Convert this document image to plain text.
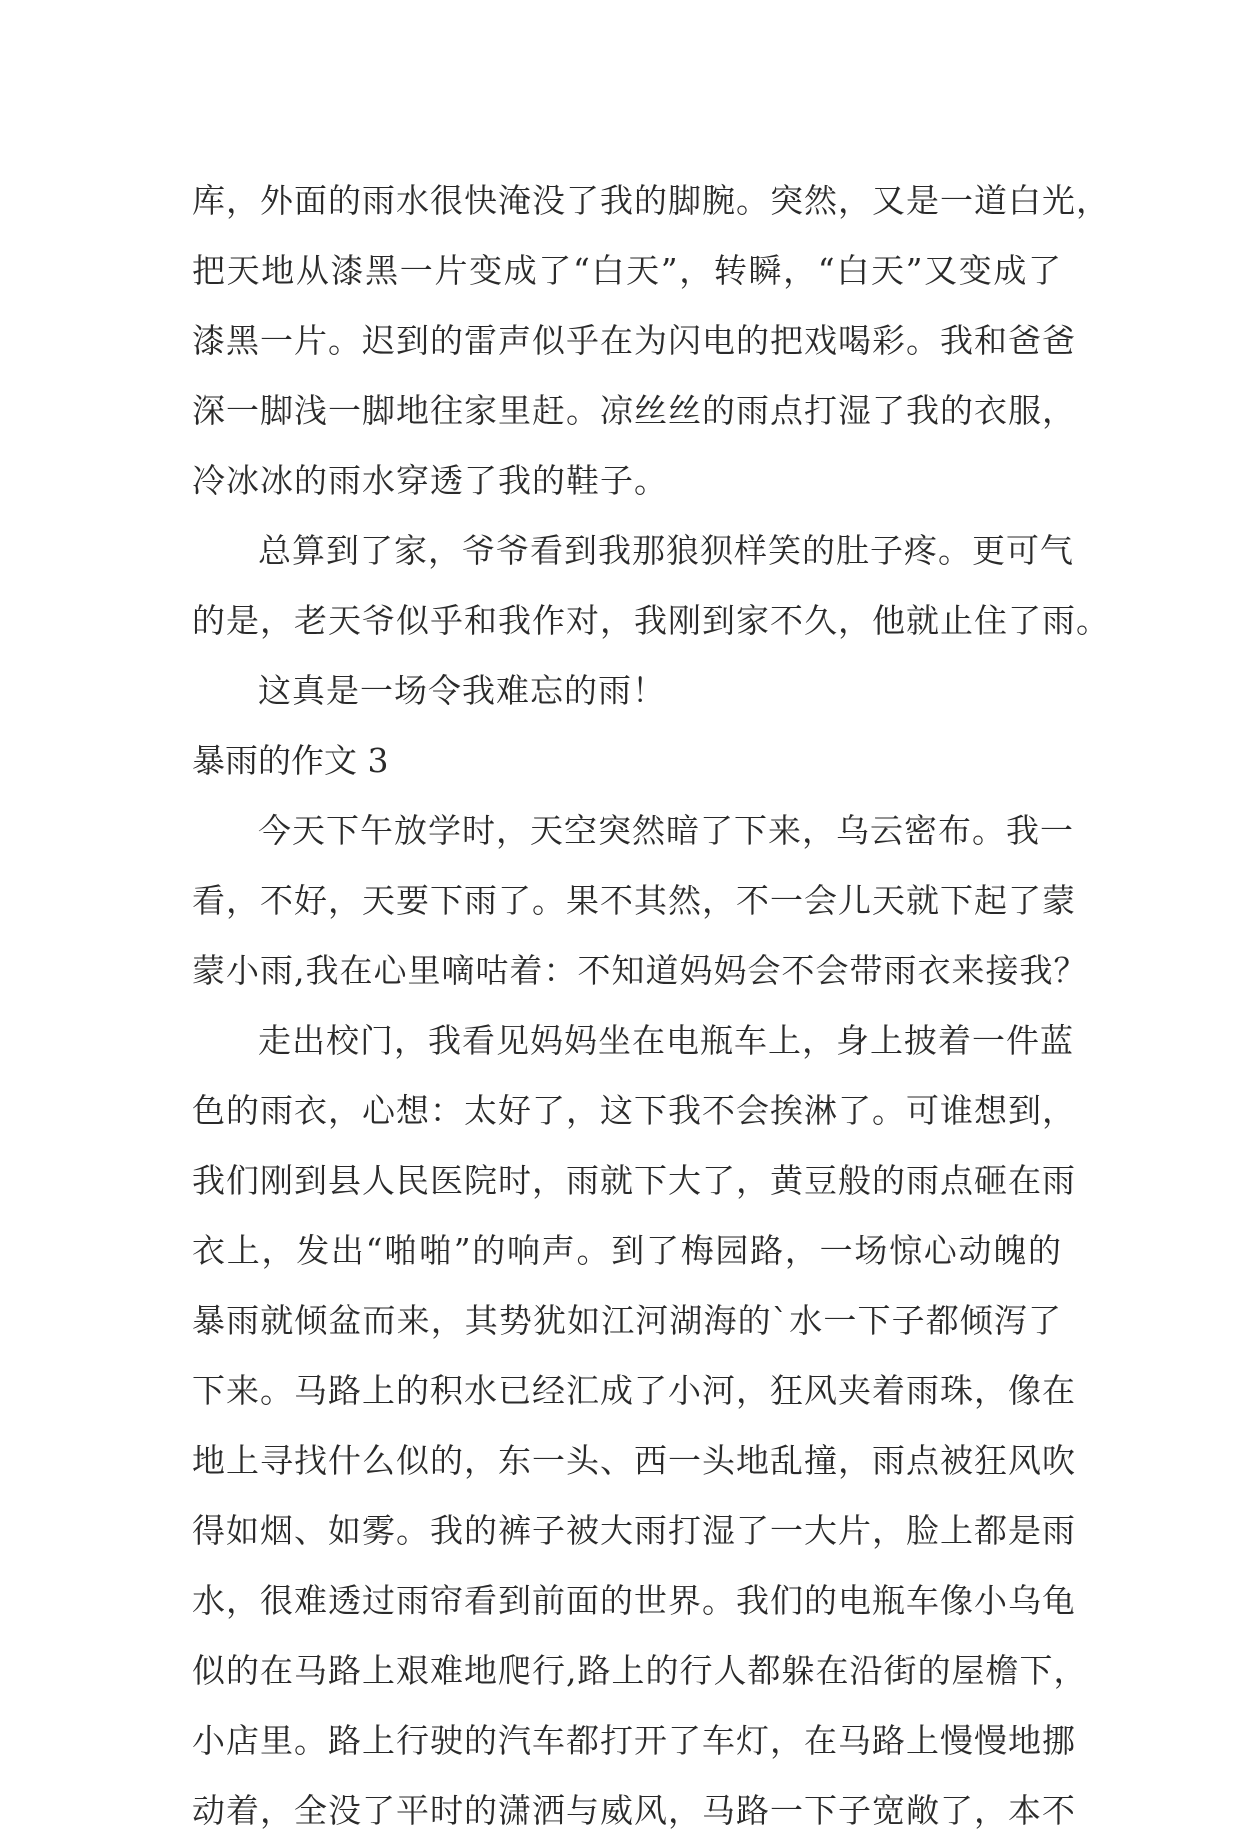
库，外面的雨水很快淹没了我的脚腕。突然，又是一道白光，
把天地从漆黑一片变成了“白天”，转瞬，“白天”又变成了
漆黑一片。迟到的雷声似乎在为闪电的把戏喝彩。我和爸爸
深一脚浅一脚地往家里赶。凉丝丝的雨点打湿了我的衣服，
冷冰冰的雨水穿透了我的鞋子。
总算到了家，爷爷看到我那狼狈样笑的肚子疼。更可气
的是，老天爷似乎和我作对，我刚到家不久，他就止住了雨。
这真是一场令我难忘的雨！
暴雨的作文 3
今天下午放学时，天空突然暗了下来，乌云密布。我一
看，不好，天要下雨了。果不其然，不一会儿天就下起了蒙
蒙小雨,我在心里嘀咕着：不知道妈妈会不会带雨衣来接我？
走出校门，我看见妈妈坐在电瓶车上，身上披着一件蓝
色的雨衣，心想：太好了，这下我不会挨淋了。可谁想到，
我们刚到县人民医院时，雨就下大了，黄豆般的雨点砸在雨
衣上，发出“啪啪”的响声。到了梅园路，一场惊心动魄的
暴雨就倾盆而来，其势犹如江河湖海的`水一下子都倾泻了
下来。马路上的积水已经汇成了小河，狂风夹着雨珠，像在
地上寻找什么似的，东一头、西一头地乱撞，雨点被狂风吹
得如烟、如雾。我的裤子被大雨打湿了一大片，脸上都是雨
水，很难透过雨帘看到前面的世界。我们的电瓶车像小乌龟
似的在马路上艰难地爬行,路上的行人都躲在沿街的屋檐下，
小店里。路上行驶的汽车都打开了车灯，在马路上慢慢地挪
动着，全没了平时的潇洒与威风，马路一下子宽敞了，本不
